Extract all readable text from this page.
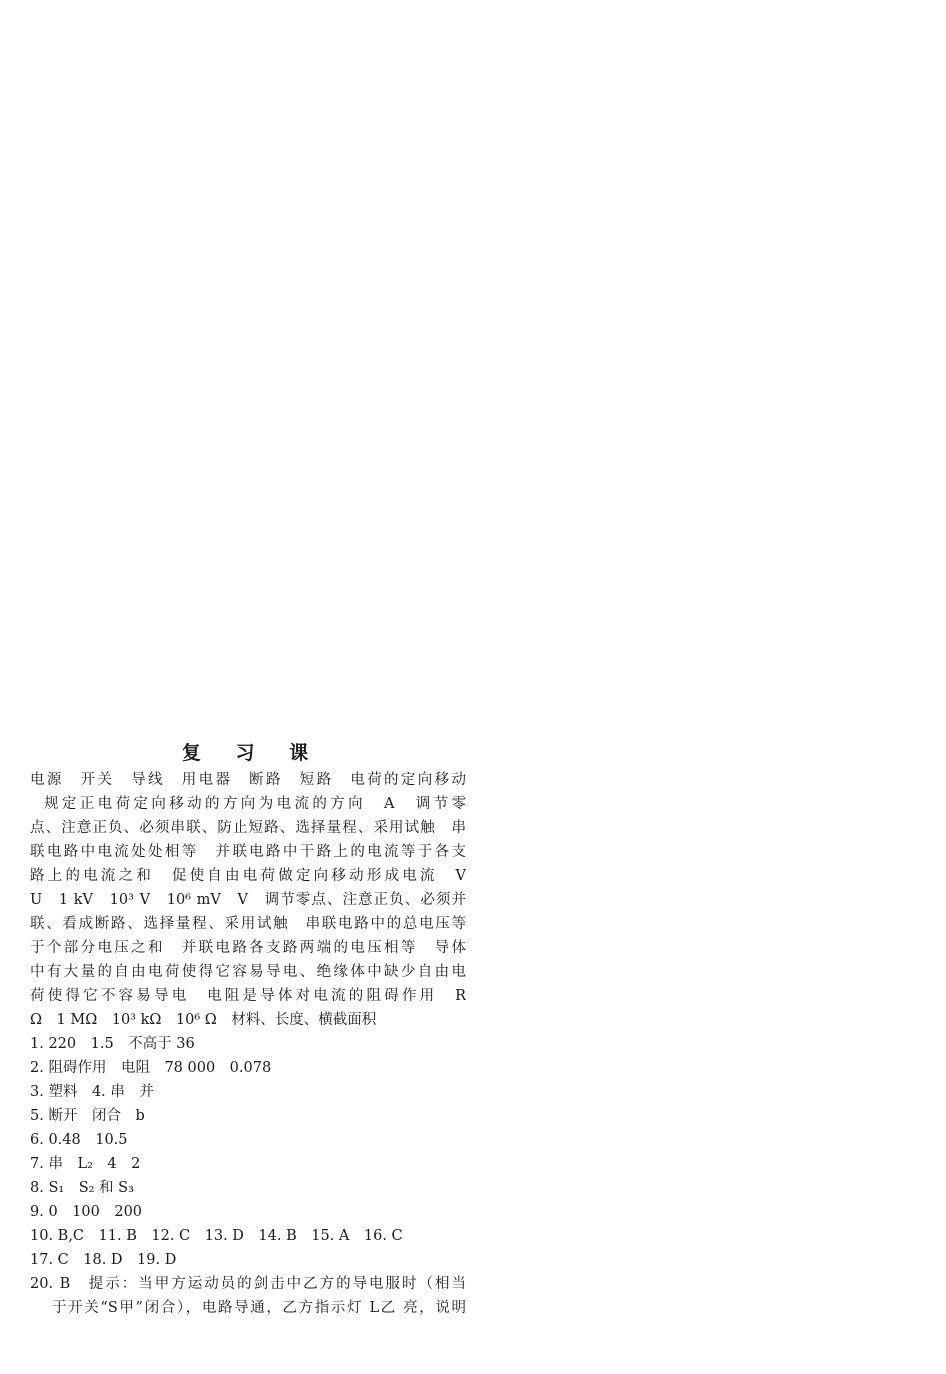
复 习 课
电源　开关　导线　用电器　断路　短路　电荷的定向移动
规定正电荷定向移动的方向为电流的方向　A　调节零
点、注意正负、必须串联、防止短路、选择量程、采用试触　串
联电路中电流处处相等　并联电路中干路上的电流等于各支
路上的电流之和　促使自由电荷做定向移动形成电流　V
U　1 kV　10³ V　10⁶ mV　V　调节零点、注意正负、必须并
联、看成断路、选择量程、采用试触　串联电路中的总电压等
于个部分电压之和　并联电路各支路两端的电压相等　导体
中有大量的自由电荷使得它容易导电、绝缘体中缺少自由电
荷使得它不容易导电　电阻是导体对电流的阻碍作用　R
Ω　1 MΩ　10³ kΩ　10⁶ Ω　材料、长度、横截面积
1. 220　1.5　不高于 36
2. 阻碍作用　电阻　78 000　0.078
3. 塑料　4. 串　并
5. 断开　闭合　b
6. 0.48　10.5
7. 串　L₂　4　2
8. S₁　S₂ 和 S₃
9. 0　100　200
10. B,C　11. B　12. C　13. D　14. B　15. A　16. C
17. C　18. D　19. D
20. B　提示：当甲方运动员的剑击中乙方的导电服时（相当
于开关“S甲”闭合），电路导通，乙方指示灯 L乙 亮，说明
